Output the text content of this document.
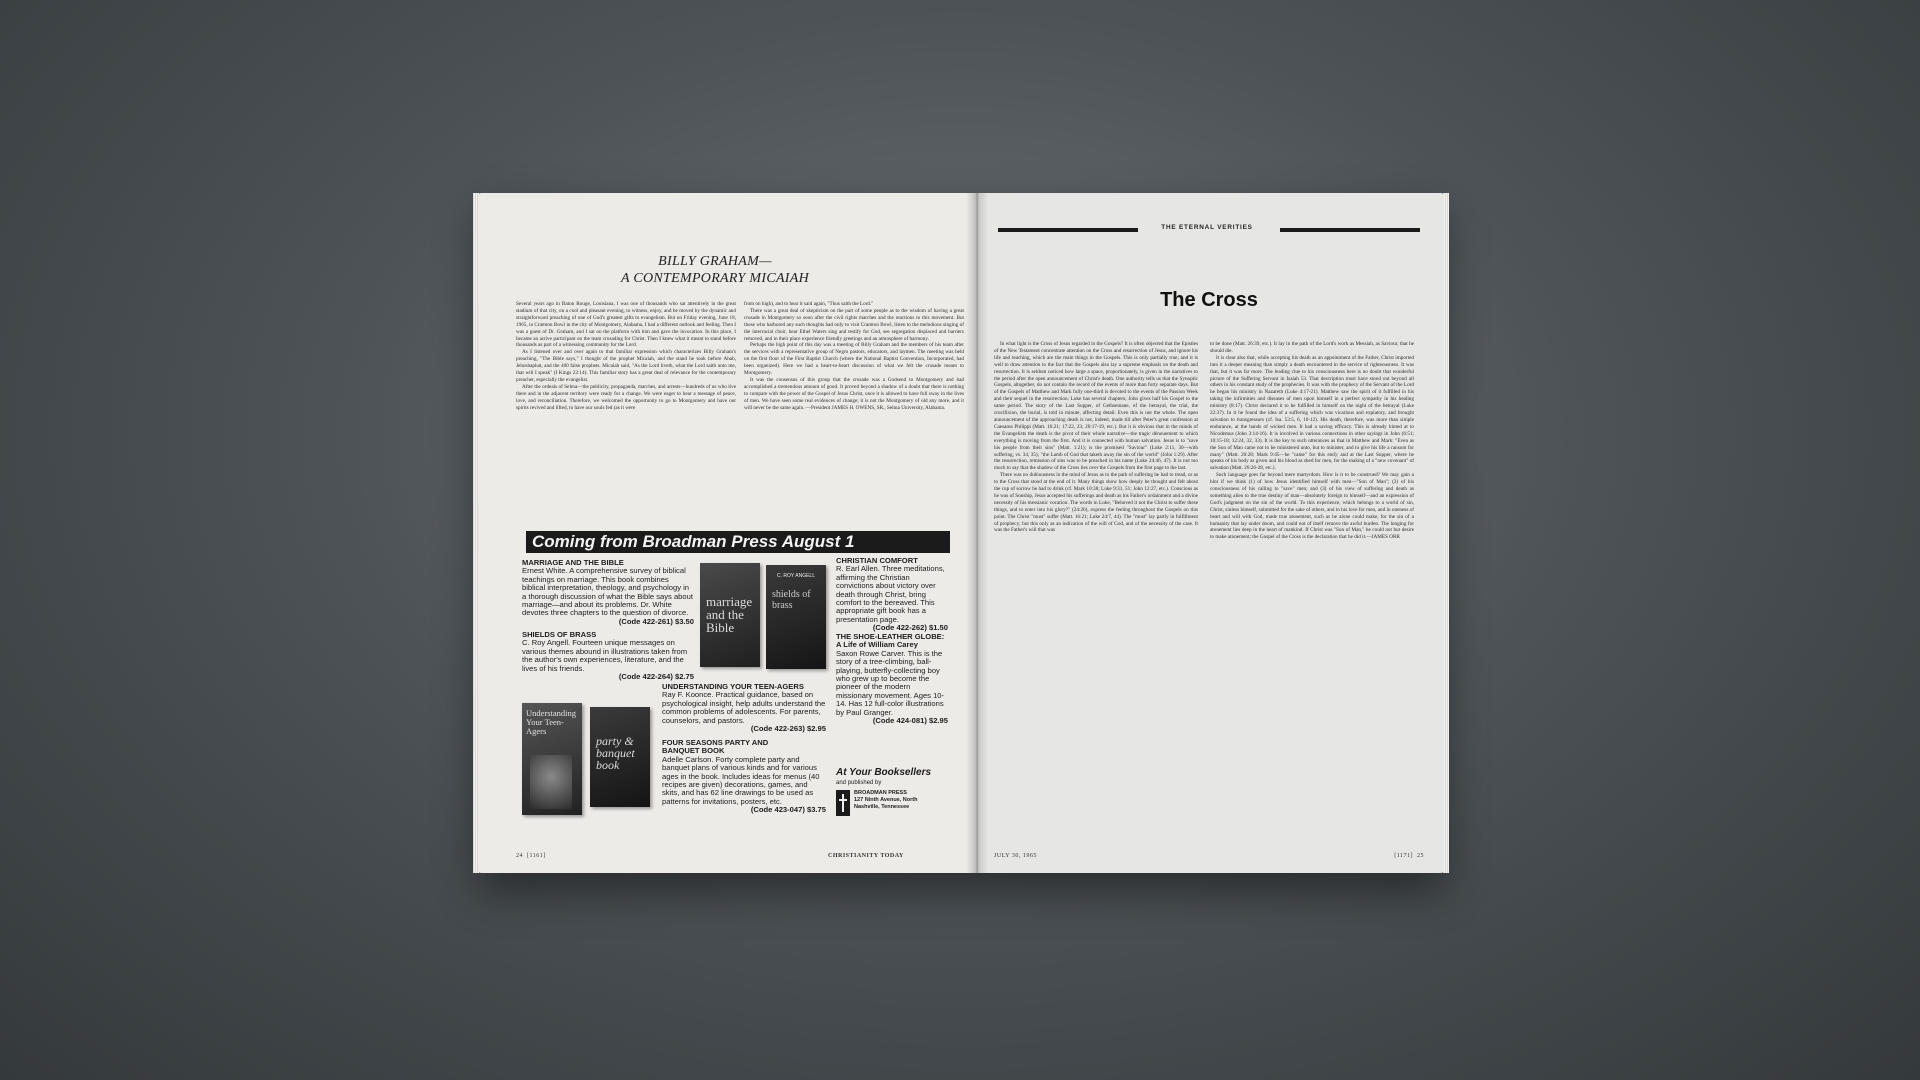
BILLY GRAHAM—
A CONTEMPORARY MICAIAH

Several years ago in Baton Rouge, Louisiana, I was one of thousands who sat attentively in the great stadium of that city, on a cool and pleasant evening, to witness, enjoy, and be moved by the dynamic and straightforward preaching of one of God's greatest gifts to evangelism. But on Friday evening, June 18, 1965, in Cramton Bowl in the city of Montgomery, Alabama, I had a different outlook and feeling. Then I was a guest of Dr. Graham, and I sat on the platform with him and gave the invocation. In this place, I became an active participant on the team crusading for Christ. Then I knew what it meant to stand before thousands as part of a witnessing community for the Lord.

As I listened over and over again to that familiar expression which characterizes Billy Graham's preaching, "The Bible says," I thought of the prophet Micaiah, and the stand he took before Ahab, Jehoshaphat, and the 400 false prophets. Micaiah said, "As the Lord liveth, what the Lord saith unto me, that will I speak" (I Kings 22:14). This familiar story has a great deal of relevance for the contemporary preacher, especially the evangelist.

After the ordeals of Selma—the publicity, propaganda, marches, and arrests—hundreds of us who live there and in the adjacent territory were ready for a change. We were eager to hear a message of peace, love, and reconciliation. Therefore, we welcomed the opportunity to go to Montgomery and have our spirits revived and lifted, to have our souls fed (as it were

from on high), and to hear it said again, "Thus saith the Lord."

There was a great deal of skepticism on the part of some people as to the wisdom of having a great crusade in Montgomery so soon after the civil rights marches and the reactions to this movement. But those who harbored any such thoughts had only to visit Cramton Bowl, listen to the melodious singing of the interracial choir, hear Ethel Waters sing and testify for God, see segregation displaced and barriers removed, and in their place experience friendly greetings and an atmosphere of harmony.

Perhaps the high point of this day was a meeting of Billy Graham and the members of his team after the services with a representative group of Negro pastors, educators, and laymen. The meeting was held on the first floor of the First Baptist Church (where the National Baptist Convention, Incorporated, had been organized). Here we had a heart-to-heart discussion of what we felt the crusade meant to Montgomery.

It was the consensus of this group that the crusade was a Godsend to Montgomery and had accomplished a tremendous amount of good. It proved beyond a shadow of a doubt that there is nothing to compare with the power of the Gospel of Jesus Christ, once it is allowed to have full sway in the lives of men. We have seen some real evidences of change; it is not the Montgomery of old any more, and it will never be the same again. —President JAMES H. OWENS, SR., Selma University, Alabama.

Coming from Broadman Press August 1
MARRIAGE AND THE BIBLE
Ernest White. A comprehensive survey of biblical teachings on marriage. This book combines biblical interpretation, theology, and psychology in a thorough discussion of what the Bible says about marriage—and about its problems. Dr. White devotes three chapters to the question of divorce.
(Code 422-261) $3.50
SHIELDS OF BRASS
C. Roy Angell. Fourteen unique messages on various themes abound in illustrations taken from the author's own experiences, literature, and the lives of his friends.
(Code 422-264) $2.75
marriage and the Bible
C. ROY ANGELL
shields of brass
CHRISTIAN COMFORT
R. Earl Allen. Three meditations, affirming the Christian convictions about victory over death through Christ, bring comfort to the bereaved. This appropriate gift book has a presentation page.
(Code 422-262) $1.50
THE SHOE-LEATHER GLOBE:
A Life of William Carey
Saxon Rowe Carver. This is the story of a tree-climbing, ball-playing, butterfly-collecting boy who grew up to become the pioneer of the modern missionary movement. Ages 10-14. Has 12 full-color illustrations by Paul Granger.
(Code 424-081) $2.95
UNDERSTANDING YOUR TEEN-AGERS
Ray F. Koonce. Practical guidance, based on psychological insight, help adults understand the common problems of adolescents. For parents, counselors, and pastors.
(Code 422-263) $2.95
FOUR SEASONS PARTY AND
BANQUET BOOK
Adelle Carlson. Forty complete party and banquet plans of various kinds and for various ages in the book. Includes ideas for menus (40 recipes are given) decorations, games, and skits, and has 62 line drawings to be used as patterns for invitations, posters, etc.
(Code 423-047) $3.75
Understanding Your Teen-Agers
party & banquet book
At Your Booksellers
and published by
BROADMAN PRESS
127 Ninth Avenue, North
Nashville, Tennessee
24 [1161]	CHRISTIANITY TODAY
THE ETERNAL VERITIES
The Cross

In what light is the Cross of Jesus regarded in the Gospels? It is often objected that the Epistles of the New Testament concentrate attention on the Cross and resurrection of Jesus, and ignore his life and teaching, which are the main things in the Gospels. This is only partially true; and it is well to draw attention to the fact that the Gospels also lay a supreme emphasis on the death and resurrection. It is seldom noticed how large a space, proportionately, is given in the narratives to the period after the open announcement of Christ's death. One authority tells us that the Synoptic Gospels, altogether, do not contain the record of the events of more than forty separate days. But of the Gospels of Matthew and Mark fully one-third is devoted to the events of the Passion Week and their sequel in the resurrection; Luke has several chapters; John gives half his Gospel to the same period. The story of the Last Supper, of Gethsemane, of the betrayal, the trial, the crucifixion, the burial, is told in minute, affecting detail. Even this is not the whole. The open announcement of the approaching death is not, indeed, made till after Peter's great confession at Caesarea Philippi (Matt. 16:21; 17:22, 23; 20:17-19, etc.). But it is obvious that in the minds of the Evangelists the death is the pivot of their whole narrative—the tragic dénouement to which everything is moving from the first. And it is connected with human salvation. Jesus is to "save his people from their sins" (Matt. 1:21); is the promised "Saviour" (Luke 2:11, 30—with suffering, vs. 34, 35); "the Lamb of God that taketh away the sin of the world" (John 1:29). After the resurrection, remission of sins was to be preached in his name (Luke 24:46, 47). It is not too much to say that the shadow of the Cross lies over the Gospels from the first page to the last.

There was no dubiousness in the mind of Jesus as to the path of suffering he had to tread, or as to the Cross that stood at the end of it. Many things show how deeply he thought and felt about the cup of sorrow he had to drink (cf. Mark 10:38; Luke 9:31, 51; John 12:27, etc.). Conscious as he was of Sonship, Jesus accepted his sufferings and death as his Father's ordainment and a divine necessity of his messianic vocation. The words in Luke, "Behoved it not the Christ to suffer these things, and to enter into his glory?" (24:26), express the feeling throughout the Gospels on this point. The Christ "must" suffer (Matt. 16:21; Luke 24:7, 44). The "must" lay partly in fulfillment of prophecy; but this only as an indication of the will of God, and of the necessity of the case. It was the Father's will that was

to be done (Matt. 26:39, etc.). It lay in the path of the Lord's work as Messiah, as Saviour, that he should die.

It is clear also that, while accepting his death as an appointment of the Father, Christ imported into it a deeper meaning than simply a death encountered in the service of righteousness. It was that, but it was far more. The leading clue to his consciousness here is no doubt that wonderful picture of the Suffering Servant in Isaiah 53. That description must have stood out beyond all others in his constant study of the prophecies. It was with the prophecy of the Servant of the Lord he began his ministry in Nazareth (Luke 4:17-21). Matthew saw the spirit of it fulfilled in his taking the infirmities and diseases of men upon himself in a perfect sympathy in his healing ministry (8:17). Christ declared it to be fulfilled in himself on the night of the betrayal (Luke 22:37). In it he found the idea of a suffering which was vicarious and expiatory, and brought salvation to transgressors (cf. Isa. 53:5, 6, 10-12). His death, therefore, was more than simple endurance, at the hands of wicked men. It had a saving efficacy. This is already hinted at to Nicodemus (John 3:14-16). It is involved in various connections in other sayings in John (6:51; 10:15-18; 12:24, 32, 33). It is the key to such utterances as that in Matthew and Mark: "Even as the Son of Man came not to be ministered unto, but to minister, and to give his life a ransom for many" (Matt. 20:28; Mark 9:45—he "came" for this end); and at the Last Supper, where he speaks of his body as given and his blood as shed for men, for the making of a "new covenant" of salvation (Matt. 26:26-28, etc.).

Such language goes far beyond mere martyrdom. How is it to be construed? We may gain a hint if we think (1) of how Jesus identified himself with men—"Son of Man"; (2) of his consciousness of his calling to "save" men; and (3) of his view of suffering and death as something alien to the true destiny of man—absolutely foreign to himself—and an expression of God's judgment on the sin of the world. To this experience, which belongs to a world of sin, Christ, sinless himself, submitted for the sake of others, and in his love for men, and in oneness of heart and will with God, made true atonement, such as he alone could make, for the sin of a humanity that lay under doom, and could not of itself remove the awful burden. The longing for atonement lies deep in the heart of mankind. If Christ was "Son of Man," he could not but desire to make atonement; the Gospel of the Cross is the declaration that he did it.—JAMES ORR

JULY 30, 1965	[1171] 25
